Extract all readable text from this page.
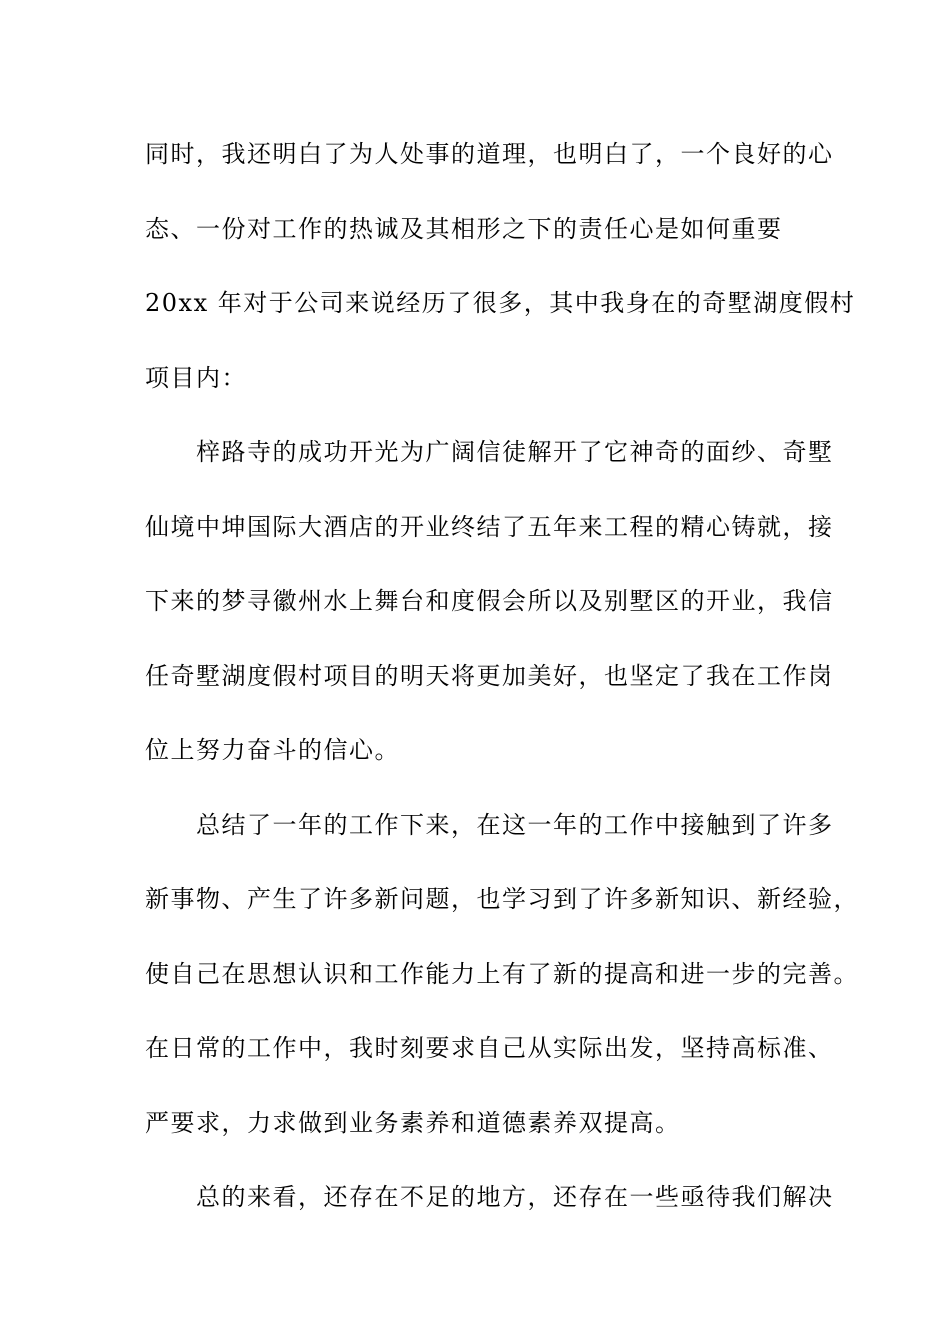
同时，我还明白了为人处事的道理，也明白了，一个良好的心
态、一份对工作的热诚及其相形之下的责任心是如何重要
20xx 年对于公司来说经历了很多，其中我身在的奇墅湖度假村
项目内：
　　梓路寺的成功开光为广阔信徒解开了它神奇的面纱、奇墅
仙境中坤国际大酒店的开业终结了五年来工程的精心铸就，接
下来的梦寻徽州水上舞台和度假会所以及别墅区的开业，我信
任奇墅湖度假村项目的明天将更加美好，也坚定了我在工作岗
位上努力奋斗的信心。
　　总结了一年的工作下来，在这一年的工作中接触到了许多
新事物、产生了许多新问题，也学习到了许多新知识、新经验，
使自己在思想认识和工作能力上有了新的提高和进一步的完善。
在日常的工作中，我时刻要求自己从实际出发，坚持高标准、
严要求，力求做到业务素养和道德素养双提高。
　　总的来看，还存在不足的地方，还存在一些亟待我们解决
